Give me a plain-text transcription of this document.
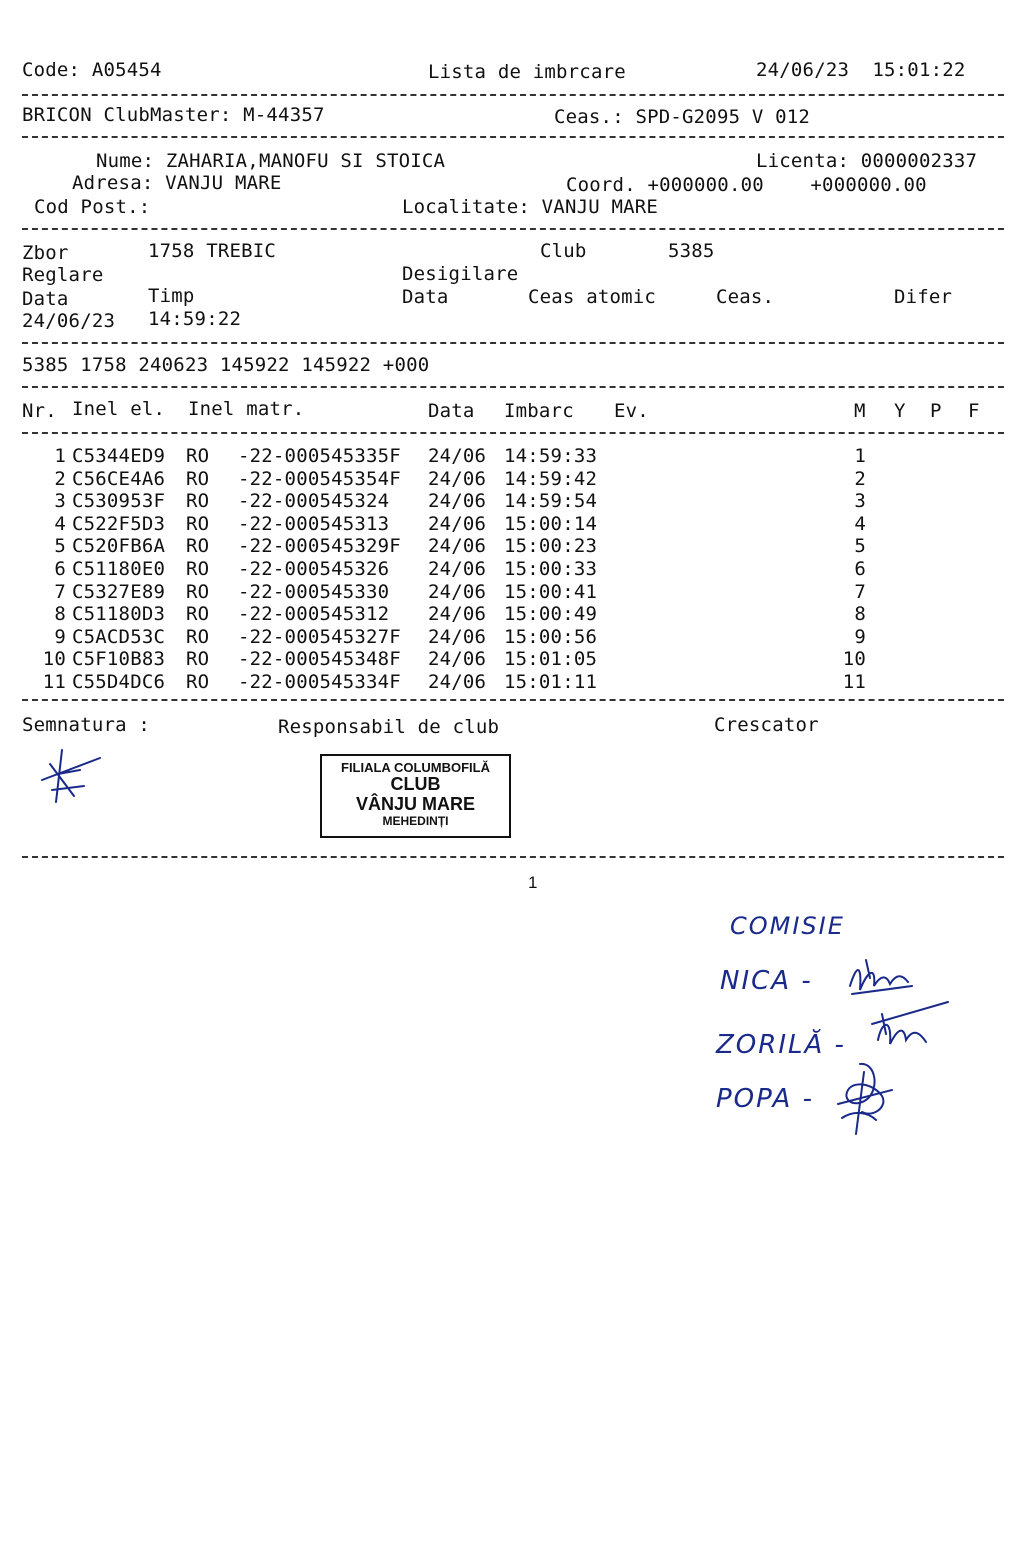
Code: A05454	Lista de imbrcare	24/06/23  15:01:22
BRICON ClubMaster: M-44357	Ceas.: SPD-G2095 V 012
Nume: ZAHARIA,MANOFU SI STOICA	Licenta: 0000002337
Adresa: VANJU MARE	Coord. +000000.00    +000000.00
Cod Post.:	Localitate: VANJU MARE
Zbor	1758 TREBIC	Club	5385
Reglare	Desigilare
Data	Timp	Data	Ceas atomic	Ceas.	Difer
24/06/23 14:59:22
5385 1758 240623 145922 145922 +000
Nr. Inel el. Inel matr.	Data Imbarc Ev.	M Y P F
1 C5344ED9 RO -22-000545335F 24/06 14:59:33	1
2 C56CE4A6 RO -22-000545354F 24/06 14:59:42	2
3 C530953F RO -22-000545324 24/06 14:59:54	3
4 C522F5D3 RO -22-000545313 24/06 15:00:14	4
5 C520FB6A RO -22-000545329F 24/06 15:00:23	5
6 C51180E0 RO -22-000545326 24/06 15:00:33	6
7 C5327E89 RO -22-000545330 24/06 15:00:41	7
8 C51180D3 RO -22-000545312 24/06 15:00:49	8
9 C5ACD53C RO -22-000545327F 24/06 15:00:56	9
10 C5F10B83 RO -22-000545348F 24/06 15:01:05	10
11 C55D4DC6 RO -22-000545334F 24/06 15:01:11	11
Semnatura :	Responsabil de club	Crescator
FILIALA COLUMBOFILĂ
CLUB
VÂNJU MARE
MEHEDINȚI
1
COMISIE
NICA -
ZORILĂ -
POPA -
